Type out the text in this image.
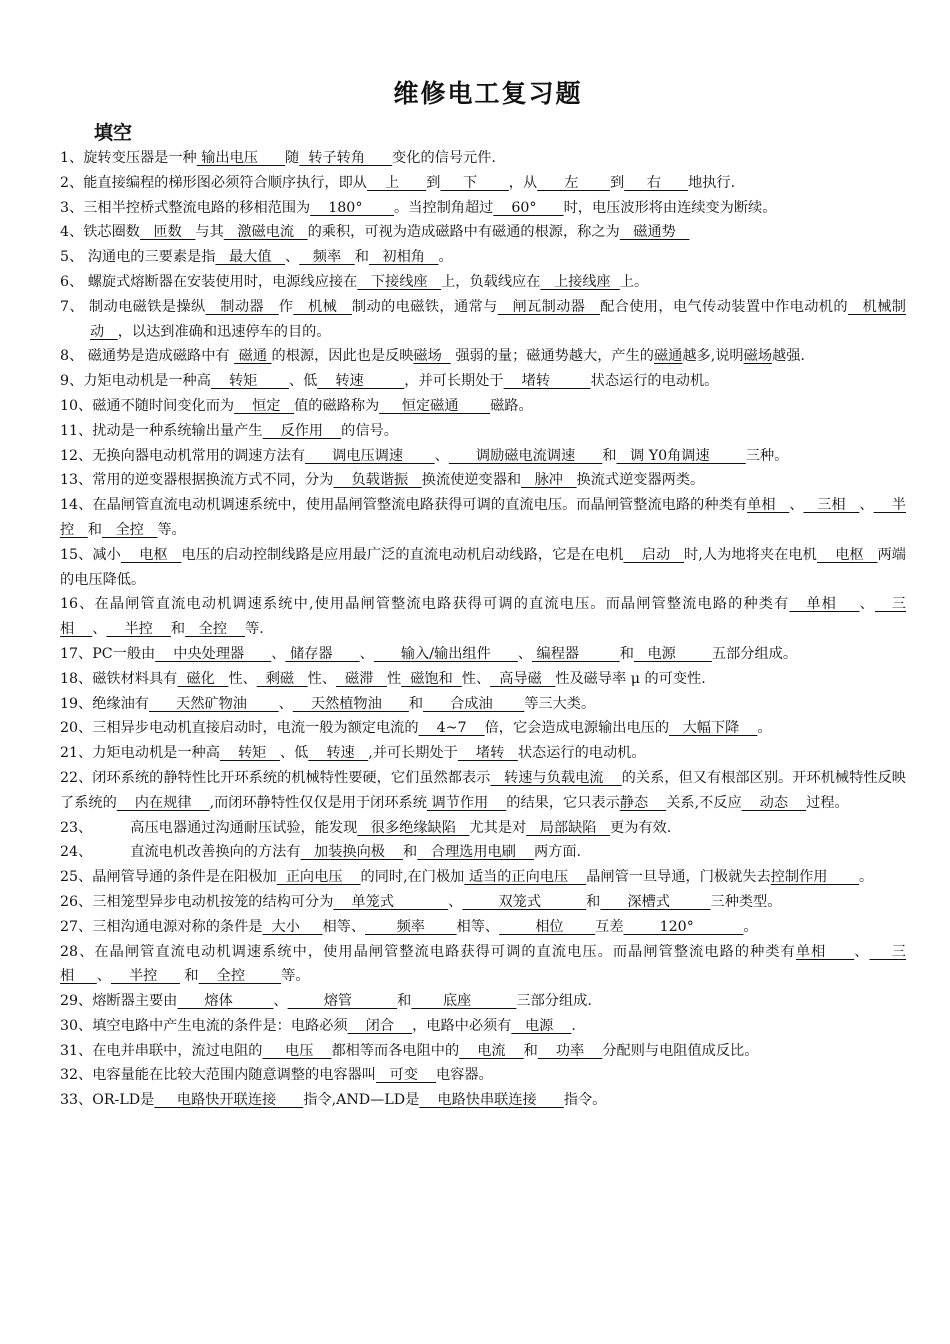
维修电工复习题
填空
1、旋转变压器是一种 输出电压      随  转子转角      变化的信号元件.
2、能直接编程的梯形图必须符合顺序执行，即从    上      到     下       ，从      左       到     右      地执行.
3、三相半控桥式整流电路的移相范围为    180°       。当控制角超过    60°      时，电压波形将由连续变为断续。
4、铁芯圈数   匝数   与其   激磁电流   的乘积，可视为造成磁路中有磁通的根源，称之为   磁通势
5、 沟通电的三要素是指   最大值   、   频率   和   初相角   。
6、 螺旋式熔断器在安装使用时，电源线应接在   下接线座   上，负载线应在   上接线座  上。
7、 制动电磁铁是操纵   制动器   作   机械   制动的电磁铁，通常与   闸瓦制动器   配合使用，电气传动装置中作电动机的   机械制动   ，以达到准确和迅速停车的目的。
8、 磁通势是造成磁路中有  磁通 的根源，因此也是反映磁场   强弱的量；磁通势越大，产生的磁通越多,说明磁场越强.
9、力矩电动机是一种高    转矩       、低    转速         ，并可长期处于    堵转         状态运行的电动机。
10、磁通不随时间变化而为    恒定   值的磁路称为     恒定磁通       磁路。
11、扰动是一种系统输出量产生    反作用    的信号。
12、无换向器电动机常用的调速方法有      调电压调速       、      调励磁电流调速      和   调 Υ0角调速        三种。
13、常用的逆变器根据换流方式不同，分为    负载谐振   换流使逆变器和   脉冲   换流式逆变器两类。
14、在晶闸管直流电动机调速系统中，使用晶闸管整流电路获得可调的直流电压。而晶闸管整流电路的种类有单相   、   三相   、    半控   和   全控   等。
15、减小    电枢   电压的启动控制线路是应用最广泛的直流电动机启动线路，它是在电机    启动   时,人为地将夹在电机    电枢   两端的电压降低。
16、在晶闸管直流电动机调速系统中,使用晶闸管整流电路获得可调的直流电压。而晶闸管整流电路的种类有   单相    、   三相    、    半控    和   全控    等.
17、PC一般由    中央处理器      、 储存器      、      输入/输出组件      、 编程器         和   电源        五部分组成。
18、磁铁材料具有  磁化   性、  剩磁   性、  磁滞   性  磁饱和  性、  高导磁   性及磁导率 μ 的可变性.
19、绝缘油有      天然矿物油       、    天然植物油      和      合成油       等三大类。
20、三相异步电动机直接启动时，电流一般为额定电流的    4~7    倍，它会造成电源输出电压的   大幅下降    。
21、力矩电动机是一种高    转矩   、低    转速   ,并可长期处于    堵转   状态运行的电动机。
22、闭环系统的静特性比开环系统的机械特性要硬，它们虽然都表示   转速与负载电流    的关系，但又有根部区别。开环机械特性反映了系统的    内在规律    ,而闭环静特性仅仅是用于闭环系统 调节作用    的结果，它只表示静态    关系,不反应    动态    过程。
23、	高压电器通过沟通耐压试验，能发现   很多绝缘缺陷   尤其是对   局部缺陷   更为有效.
24、	直流电机改善换向的方法有   加装换向极    和   合理选用电刷    两方面.
25、晶闸管导通的条件是在阳极加  正向电压    的同时,在门极加 适当的正向电压    晶闸管一旦导通，门极就失去控制作用       。
26、三相笼型异步电动机按笼的结构可分为    单笼式            、        双笼式          和      深槽式         三种类型。
27、三相沟通电源对称的条件是  大小     相等、       频率       相等、        相位       互差        120°           。
28、在晶闸管直流电动机调速系统中，使用晶闸管整流电路获得可调的直流电压。而晶闸管整流电路的种类有单相     、    三相     、    半控      和    全控        等。
29、熔断器主要由      熔体         、        熔管          和       底座          三部分组成.
30、填空电路中产生电流的条件是：电路必须    闭合    ，电路中必须有   电源    .
31、在电并串联中，流过电阻的     电压    都相等而各电阻中的    电流    和    功率    分配则与电阻值成反比。
32、电容量能在比较大范围内随意调整的电容器叫   可变    电容器。
33、OR-LD是     电路快开联连接      指令,AND—LD是    电路快串联连接      指令。
